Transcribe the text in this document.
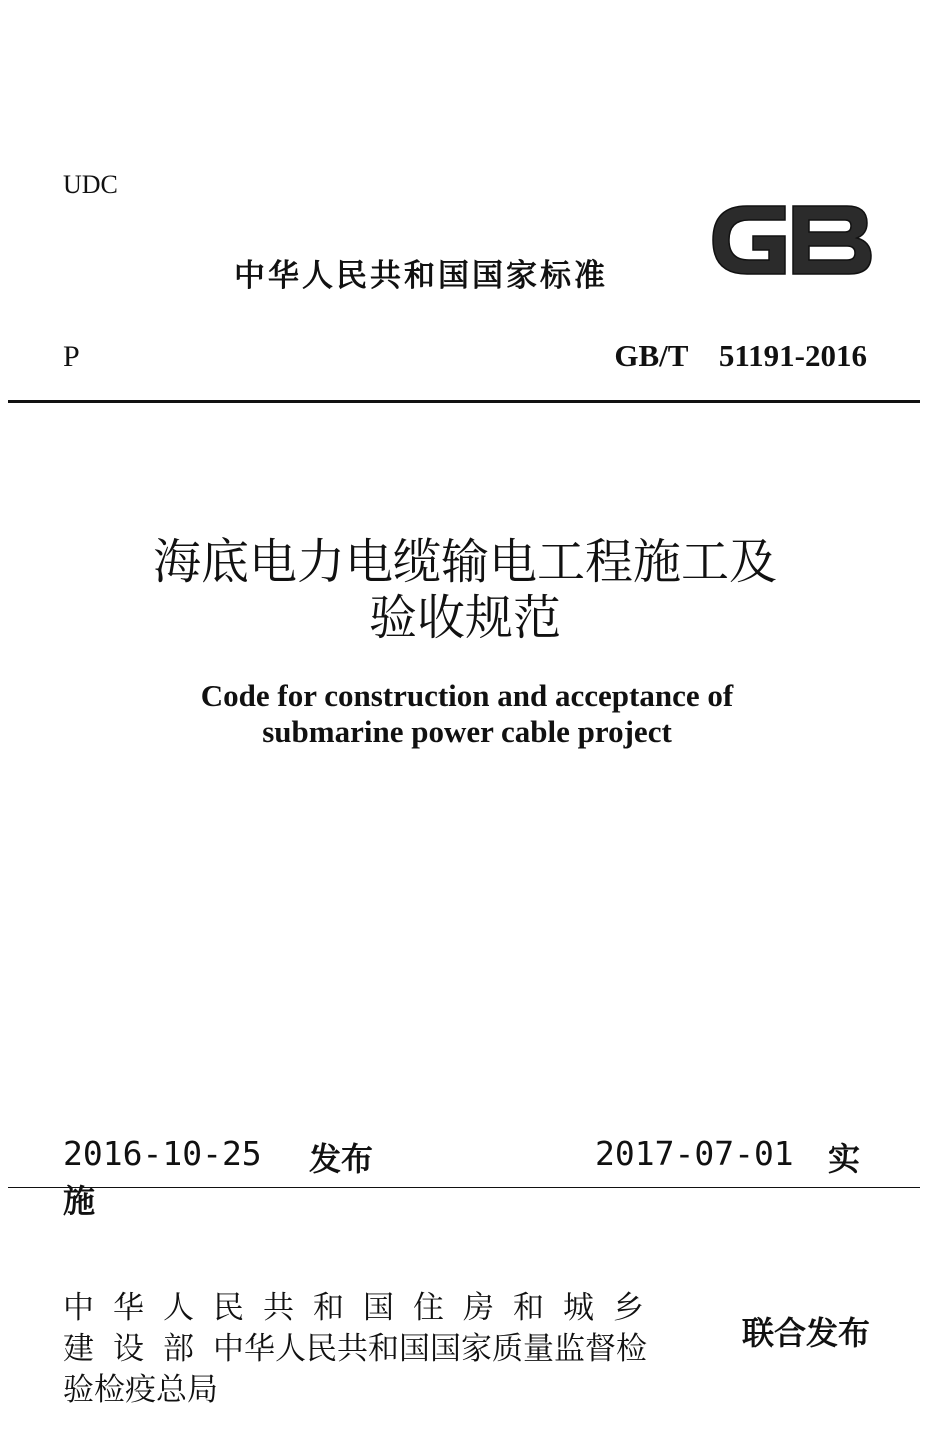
UDC
中华人民共和国国家标准
GB
P	GB/T    51191-2016
海底电力电缆输电工程施工及
验收规范
Code for construction and acceptance of
submarine power cable project
2016-10-25 发布	2017-07-01 实
施
中华人民共和国住房和城乡
建设部中华人民共和国国家质量监督检
验检疫总局
联合发布
